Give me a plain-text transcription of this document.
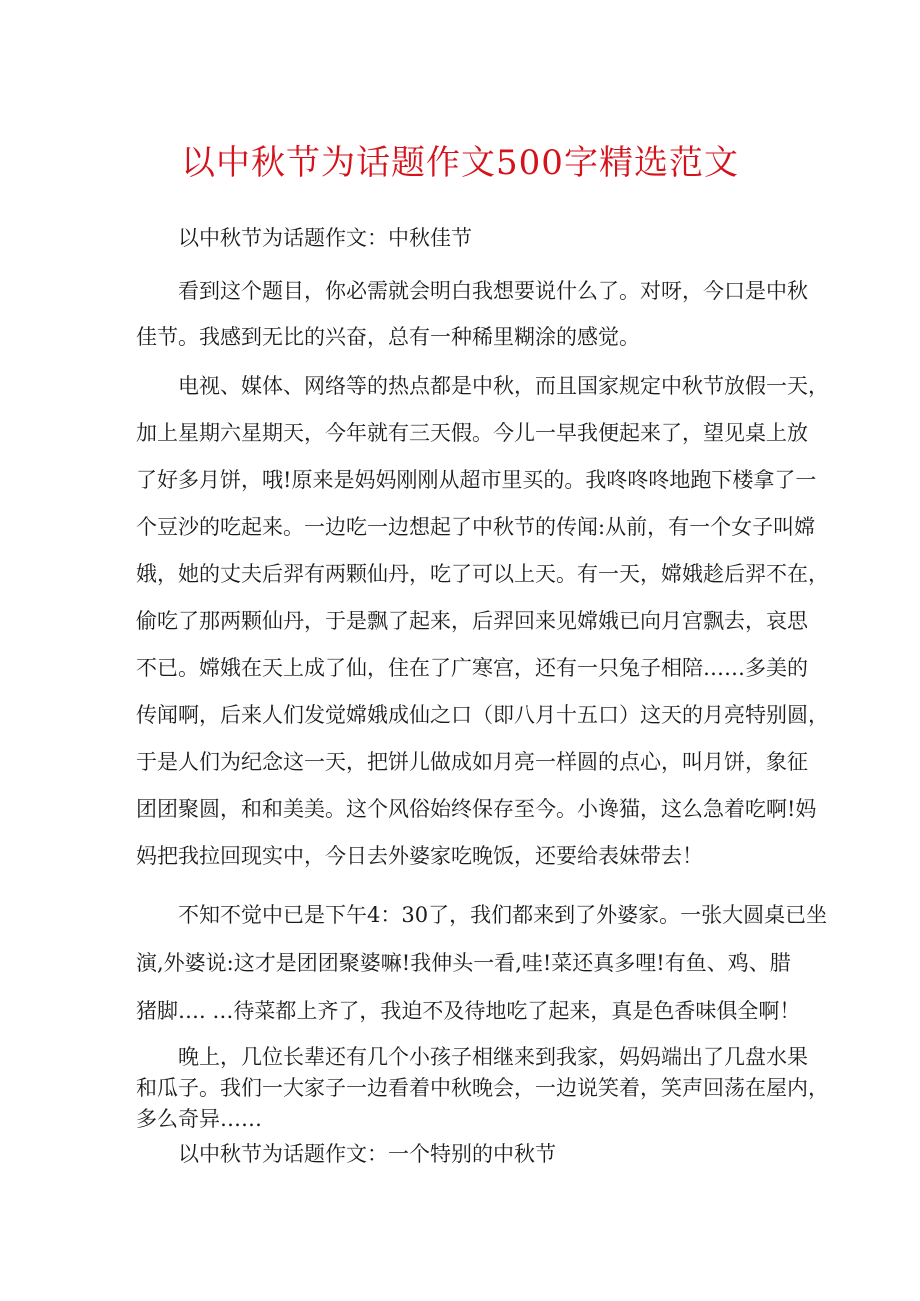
以中秋节为话题作文500字精选范文

以中秋节为话题作文：中秋佳节

看到这个题目，你必需就会明白我想要说什么了。对呀，今口是中秋
佳节。我感到无比的兴奋，总有一种稀里糊涂的感觉。

电视、媒体、网络等的热点都是中秋，而且国家规定中秋节放假一天，
加上星期六星期天，今年就有三天假。今儿一早我便起来了，望见桌上放
了好多月饼，哦!原来是妈妈刚刚从超市里买的。我咚咚咚地跑下楼拿了一
个豆沙的吃起来。一边吃一边想起了中秋节的传闻:从前，有一个女子叫嫦
娥，她的丈夫后羿有两颗仙丹，吃了可以上天。有一天，嫦娥趁后羿不在，
偷吃了那两颗仙丹，于是飘了起来，后羿回来见嫦娥已向月宫飘去，哀思
不已。嫦娥在天上成了仙，住在了广寒宫，还有一只兔子相陪……多美的
传闻啊，后来人们发觉嫦娥成仙之口（即八月十五口）这天的月亮特别圆，
于是人们为纪念这一天，把饼儿做成如月亮一样圆的点心，叫月饼，象征
团团聚圆，和和美美。这个风俗始终保存至今。小谗猫，这么急着吃啊!妈
妈把我拉回现实中，今日去外婆家吃晚饭，还要给表妹带去！

不知不觉中已是下午4：30了，我们都来到了外婆家。一张大圆桌已坐
演,外婆说:这才是团团聚婆嘛!我伸头一看,哇!菜还真多哩!有鱼、鸡、腊
猪脚…. …待菜都上齐了，我迫不及待地吃了起来，真是色香味俱全啊！

晚上，几位长辈还有几个小孩子相继来到我家，妈妈端出了几盘水果
和瓜子。我们一大家子一边看着中秋晚会，一边说笑着，笑声回荡在屋内，
多么奇异……

以中秋节为话题作文：一个特别的中秋节
